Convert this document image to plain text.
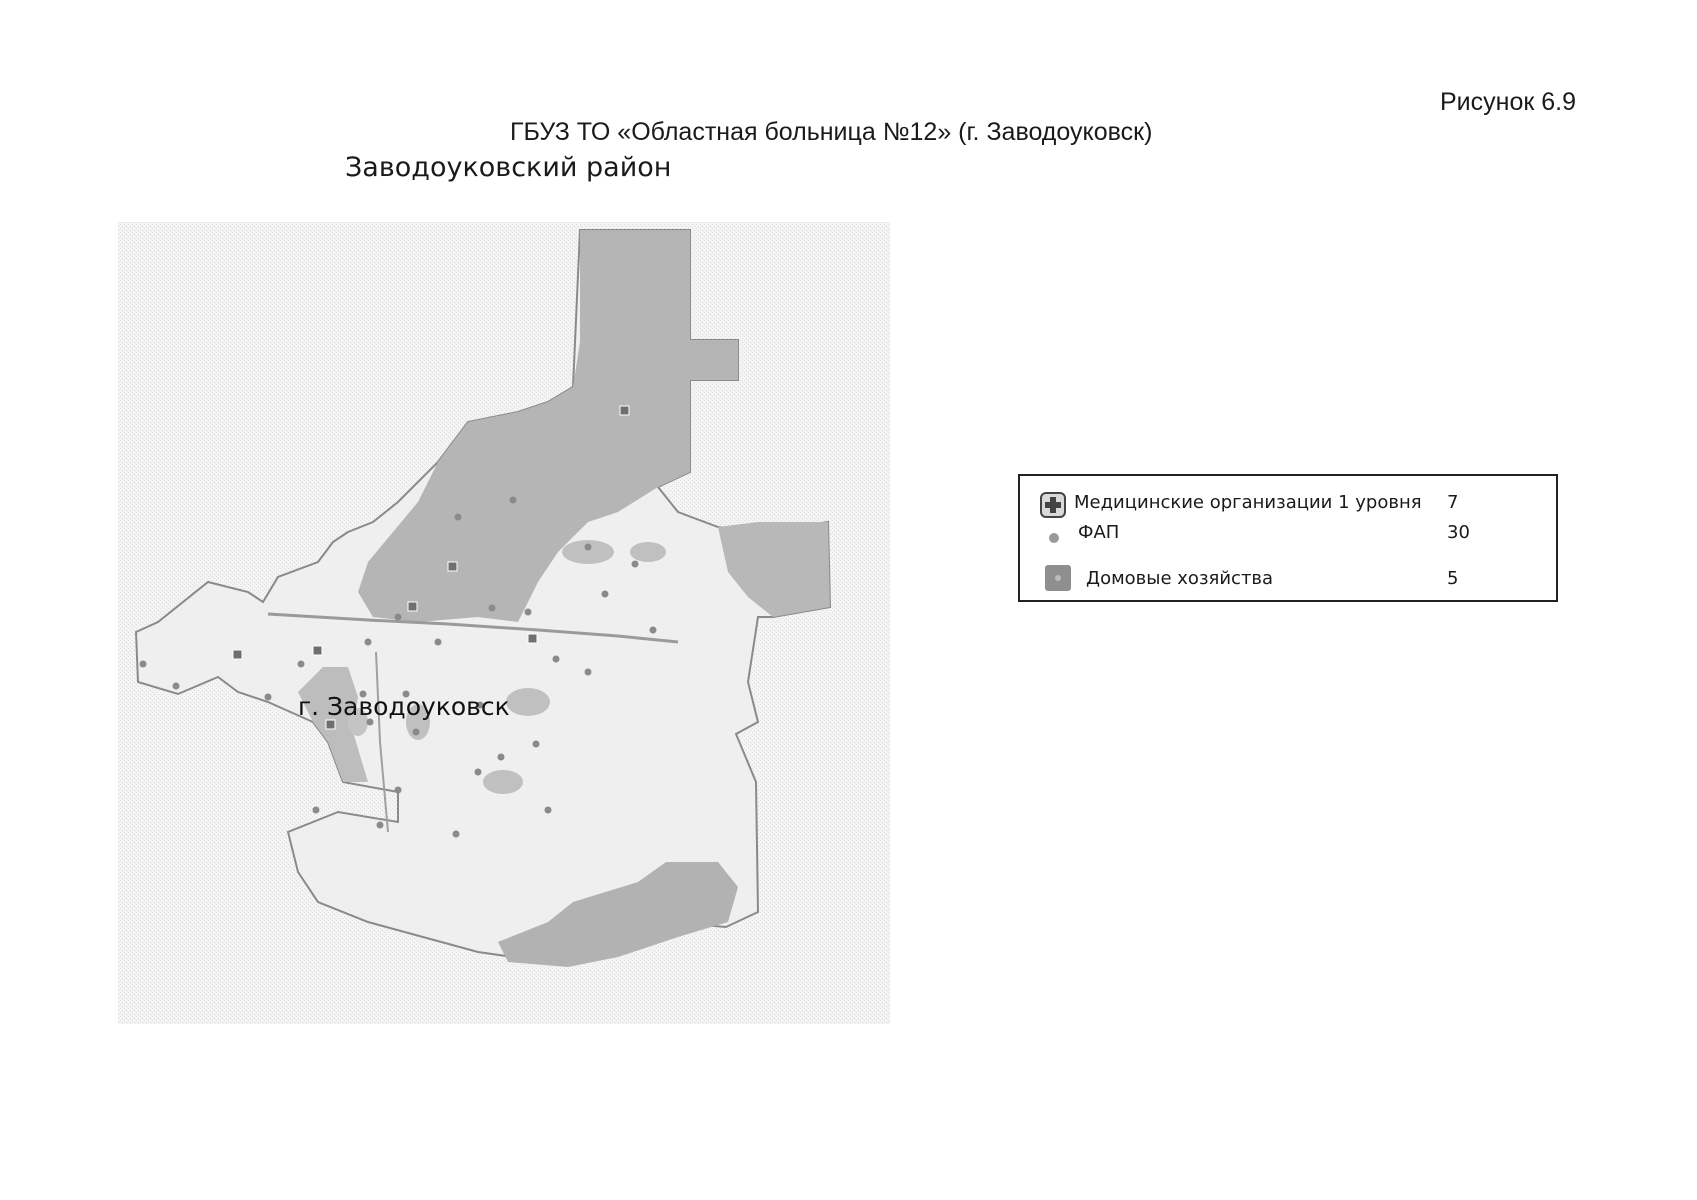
Рисунок 6.9
ГБУЗ ТО «Областная больница №12» (г. Заводоуковск)
Заводоуковский район
г. Заводоуковск
Медицинские организации 1 уровня 7
ФАП	30
Домовые хозяйства	5
